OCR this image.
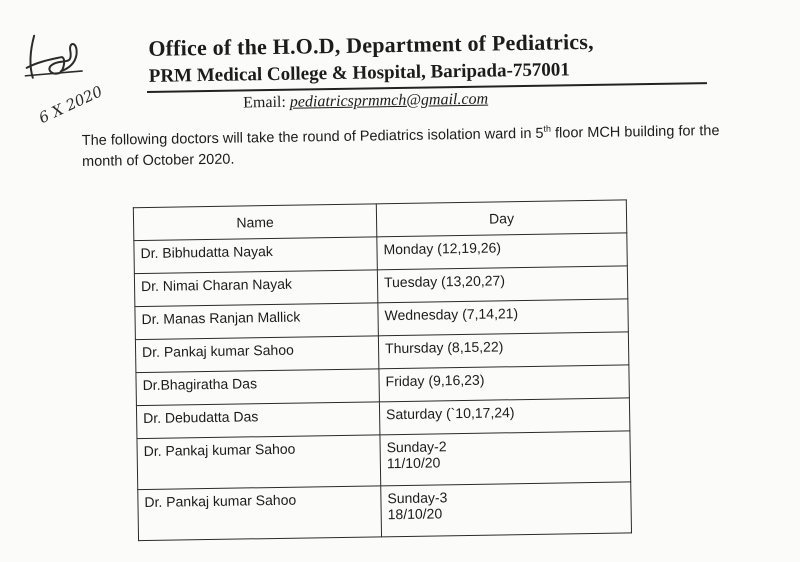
6 X 2020
Office of the H.O.D, Department of Pediatrics,
PRM Medical College & Hospital, Baripada-757001
Email: pediatricsprmmch@gmail.com
The following doctors will take the round of Pediatrics isolation ward in 5th floor MCH building for the month of October 2020.
Name	Day
Dr. Bibhudatta Nayak	Monday (12,19,26)

Dr. Nimai Charan Nayak	Tuesday (13,20,27)

Dr. Manas Ranjan Mallick	Wednesday (7,14,21)

Dr. Pankaj kumar Sahoo	Thursday (8,15,22)

Dr.Bhagiratha Das	Friday (9,16,23)

Dr. Debudatta Das	Saturday (`10,17,24)

Dr. Pankaj kumar Sahoo	Sunday-2
11/10/20

Dr. Pankaj kumar Sahoo	Sunday-3
18/10/20
